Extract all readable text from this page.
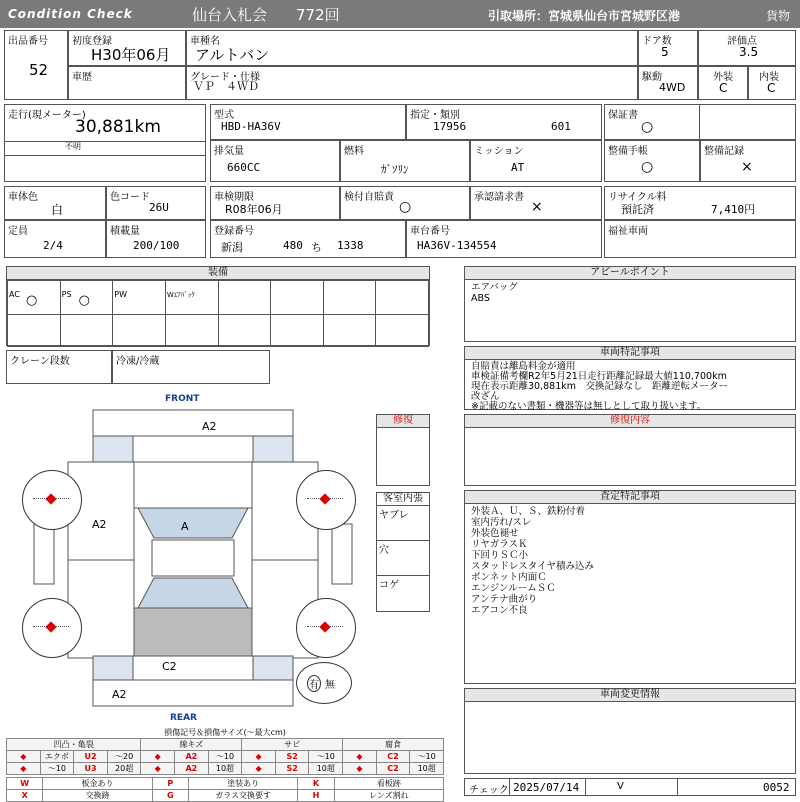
Condition Check	仙台入札会 772回	引取場所：宮城県仙台市宮城野区港	貨物
出品番号
52
初度登録
H30年06月
車種名
アルトバン
ドア数
5
評価点
3.5
車歴	グレード・仕様
ＶＰ　４ＷＤ
駆動
4WD
外装
C
内装
C
走行(現メーター)
30,881km
不明
型式
HBD-HA36V
指定・類別
17956	601
保証書
○
排気量
660CC
燃料
ｶﾞｿﾘﾝ
ミッション
AT
整備手帳
○
整備記録
×
車体色
白
色コード
26U
車検期限
R08年06月
検付自賠責
○
承認請求書
×
リサイクル料
預託済	7,410円
定員
2/4
積載量
200/100
登録番号
新潟	480 ち 1338
車台番号
HA36V-134554
福祉車両
装備
AC ○	PS ○	PW	Wｴｱﾊﾞｯｸ				

クレーン段数	冷凍/冷蔵
アピールポイント
エアバッグ
ABS
車両特記事項
自賠責は離島料金が適用
車検証備考欄R2年5月21日走行距離記録最大値110,700km
現在表示距離30,881km　交換記録なし　距離逆転メーター
改ざん
※記載のない書類・機器等は無しとして取り扱います。
修復内容
査定特記事項
外装Ａ、Ｕ、Ｓ、鉄粉付着
室内汚れ/スレ
外装色褪せ
リヤガラスＫ
下回りＳＣ小
スタッドレスタイヤ積み込み
ボンネット内面Ｃ
エンジンルームＳＣ
アンテナ曲がり
エアコン不良
車両変更情報
チェック 2025/07/14	V	0052
修復
客室内張
ヤブレ
穴
コゲ
FRONT
REAR
A2
A
A2
C2
A2
有 無
損傷記号＆損傷サイズ(〜最大cm)
凹凸・亀裂				線キズ			サビ			腐食		
◆	エクボ	U2	〜20	◆	A2	〜10	◆	S2	〜10	◆	C2	〜10
◆	〜10	U3	20超	◆	A2	10超	◆	S2	10超	◆	C2	10超
W	板金あり	P	塗装あり	K	看板跡
X	交換跡	G	ガラス交換要す	H	レンズ割れ
